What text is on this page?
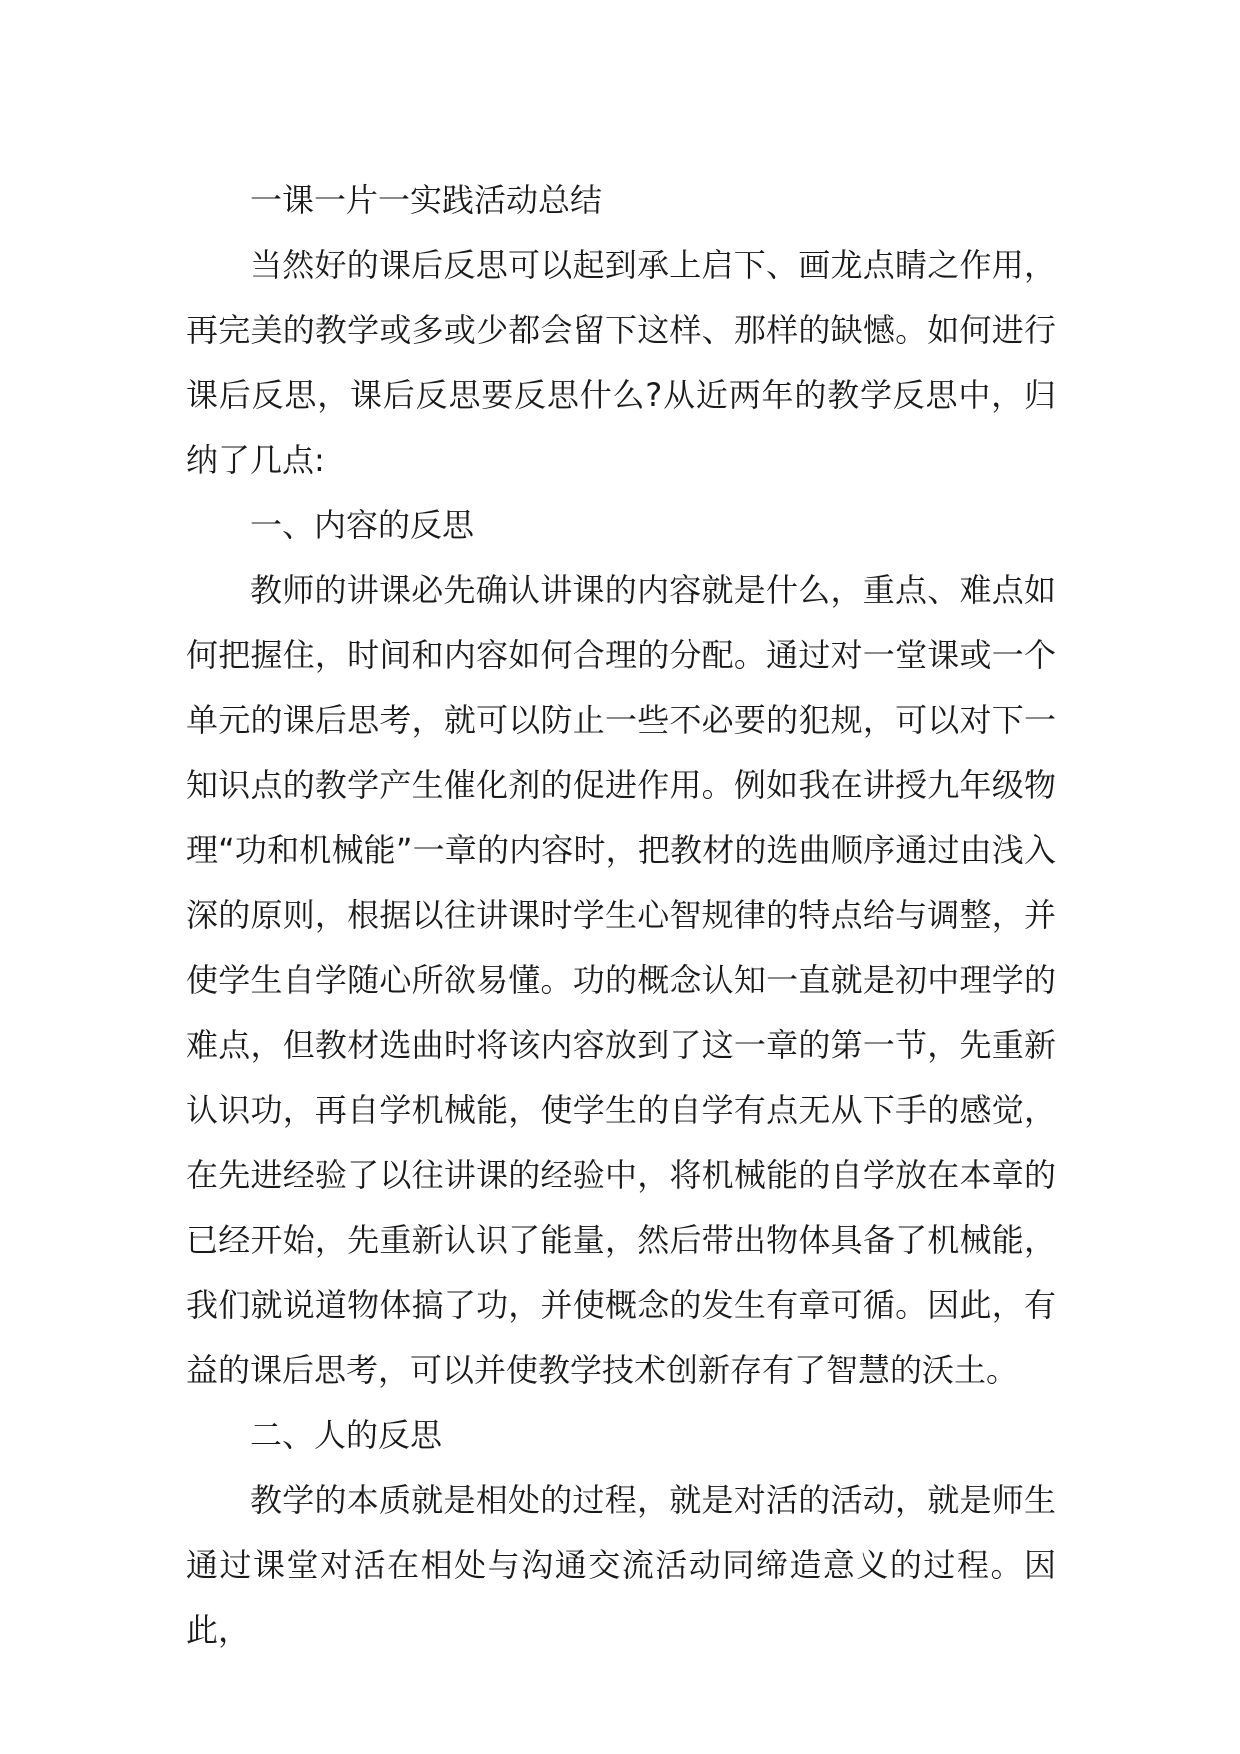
一课一片一实践活动总结

当然好的课后反思可以起到承上启下、画龙点睛之作用，再完美的教学或多或少都会留下这样、那样的缺憾。如何进行课后反思，课后反思要反思什么?从近两年的教学反思中，归纳了几点:

一、内容的反思

教师的讲课必先确认讲课的内容就是什么，重点、难点如何把握住，时间和内容如何合理的分配。通过对一堂课或一个单元的课后思考，就可以防止一些不必要的犯规，可以对下一知识点的教学产生催化剂的促进作用。例如我在讲授九年级物理“功和机械能”一章的内容时，把教材的选曲顺序通过由浅入深的原则，根据以往讲课时学生心智规律的特点给与调整，并使学生自学随心所欲易懂。功的概念认知一直就是初中理学的难点，但教材选曲时将该内容放到了这一章的第一节，先重新认识功，再自学机械能，使学生的自学有点无从下手的感觉，在先进经验了以往讲课的经验中，将机械能的自学放在本章的已经开始，先重新认识了能量，然后带出物体具备了机械能，我们就说道物体搞了功，并使概念的发生有章可循。因此，有益的课后思考，可以并使教学技术创新存有了智慧的沃土。

二、人的反思

教学的本质就是相处的过程，就是对活的活动，就是师生通过课堂对活在相处与沟通交流活动同缔造意义的过程。因此，
